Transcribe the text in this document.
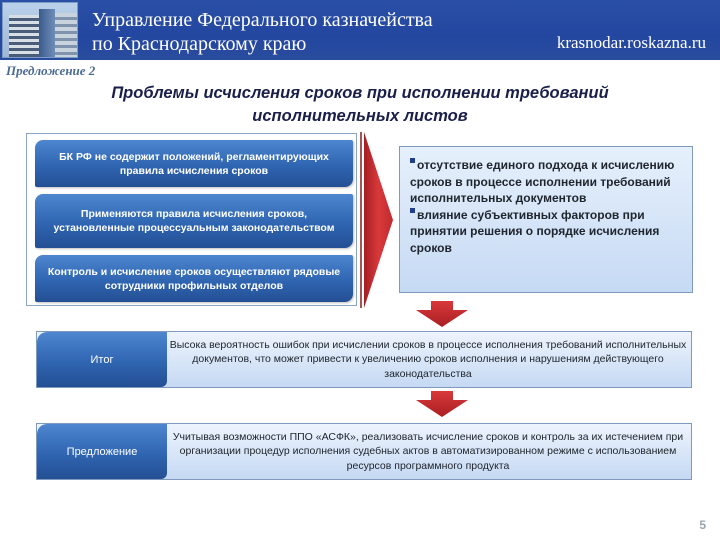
Управление Федерального казначейства
по Краснодарскому краю	krasnodar.roskazna.ru
Предложение 2
Проблемы исчисления сроков при исполнении требований
исполнительных листов
БК РФ не содержит положений, регламентирующих правила исчисления сроков
Применяются правила исчисления сроков, установленные процессуальным законодательством
Контроль и исчисление сроков осуществляют рядовые сотрудники профильных отделов
отсутствие единого подхода к исчислению сроков в процессе исполнении требований исполнительных документов
влияние субъективных факторов при принятии решения о порядке исчисления сроков
Итог
Высока вероятность ошибок при исчислении сроков в процессе исполнения требований исполнительных документов, что может привести к увеличению сроков исполнения и нарушениям действующего законодательства
Предложение
Учитывая возможности ППО «АСФК», реализовать исчисление сроков и контроль за их истечением при организации процедур исполнения судебных актов в автоматизированном режиме с использованием ресурсов программного продукта
5
